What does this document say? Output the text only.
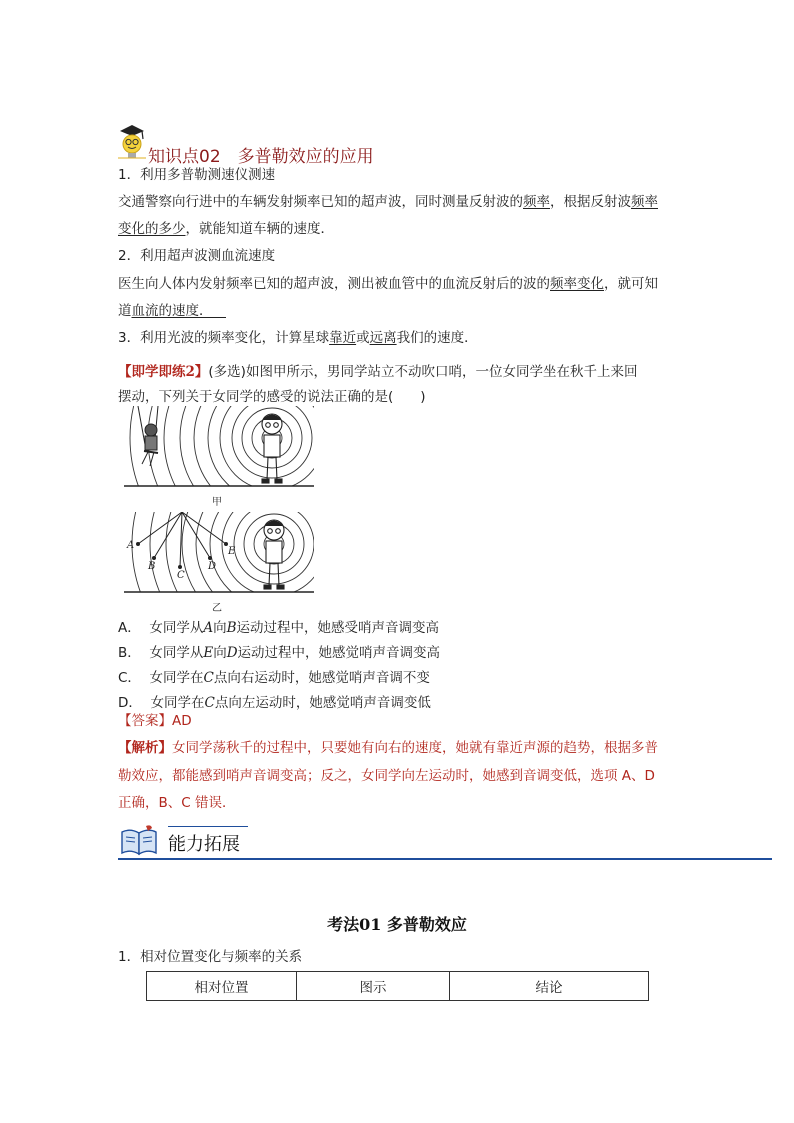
知识点02　多普勒效应的应用
1．利用多普勒测速仪测速
交通警察向行进中的车辆发射频率已知的超声波，同时测量反射波的频率，根据反射波频率
变化的多少，就能知道车辆的速度．
2．利用超声波测血流速度
医生向人体内发射频率已知的超声波，测出被血管中的血流反射后的波的频率变化，就可知
道血流的速度． 
3．利用光波的频率变化，计算星球靠近或远离我们的速度．
【即学即练2】(多选)如图甲所示，男同学站立不动吹口哨，一位女同学坐在秋千上来回
摆动，下列关于女同学的感受的说法正确的是(　　)
甲
A
B
C
D
E
乙
A． 女同学从A向B运动过程中，她感受哨声音调变高
B． 女同学从E向D运动过程中，她感觉哨声音调变高
C． 女同学在C点向右运动时，她感觉哨声音调不变
D． 女同学在C点向左运动时，她感觉哨声音调变低
【答案】AD
【解析】女同学荡秋千的过程中，只要她有向右的速度，她就有靠近声源的趋势，根据多普
勒效应，都能感到哨声音调变高；反之，女同学向左运动时，她感到音调变低，选项 A、D
正确，B、C 错误．
能力拓展
考法01 多普勒效应
1．相对位置变化与频率的关系
相对位置	图示	结论
